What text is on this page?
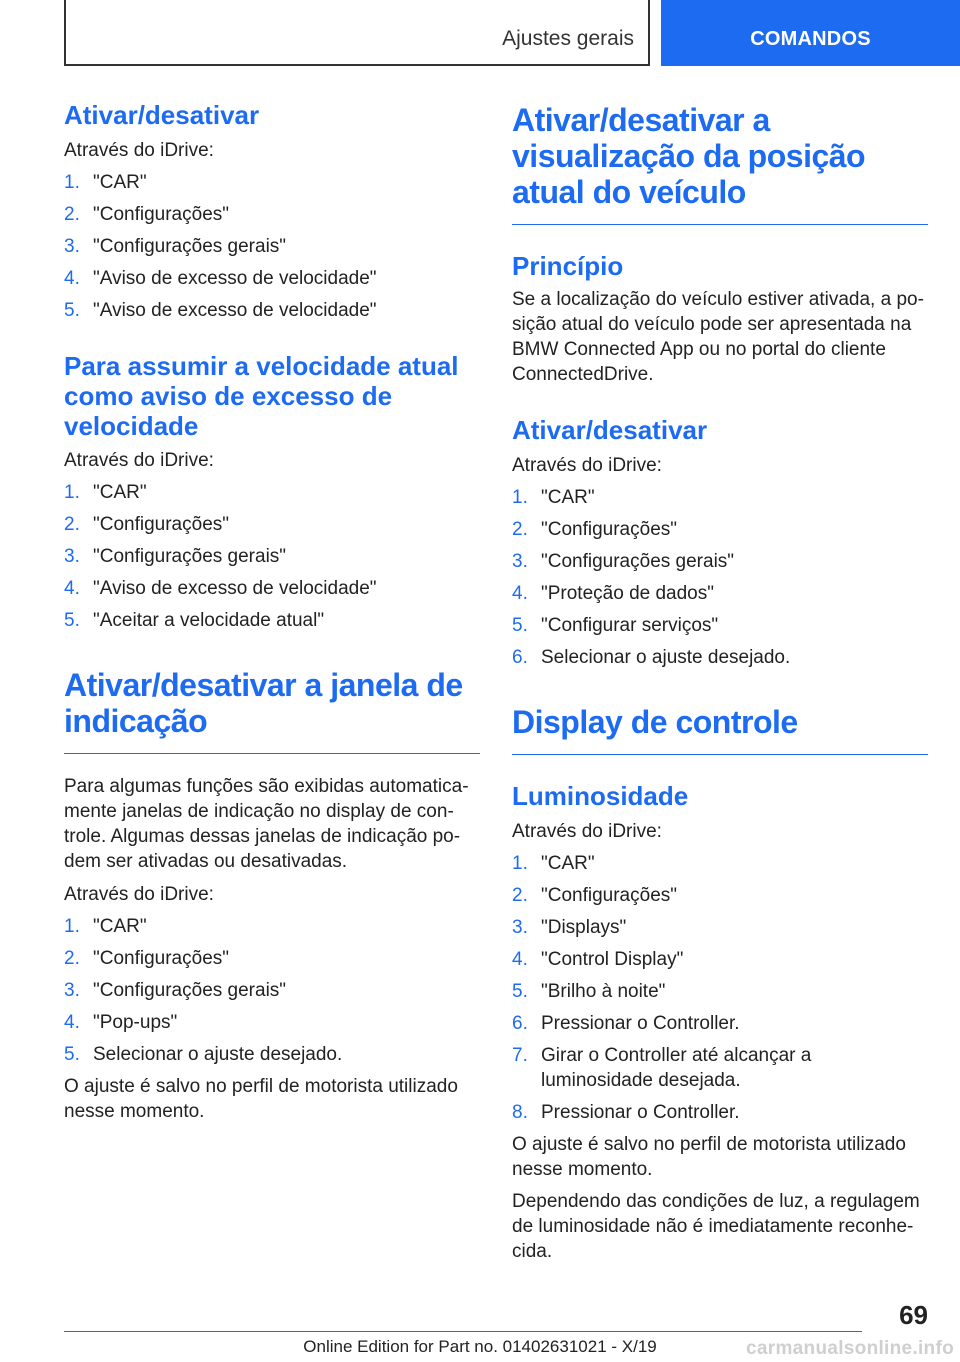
Ajustes gerais	COMANDOS
Ativar/desativar

Através do iDrive:

1. "CAR"
2. "Configurações"
3. "Configurações gerais"
4. "Aviso de excesso de velocidade"
5. "Aviso de excesso de velocidade"
Para assumir a velocidade atual como aviso de excesso de velocidade

Através do iDrive:

1. "CAR"
2. "Configurações"
3. "Configurações gerais"
4. "Aviso de excesso de velocidade"
5. "Aceitar a velocidade atual"
Ativar/desativar a janela de indicação

Para algumas funções são exibidas automaticamente janelas de indicação no display de controle. Algumas dessas janelas de indicação podem ser ativadas ou desativadas.

Através do iDrive:

1. "CAR"
2. "Configurações"
3. "Configurações gerais"
4. "Pop-ups"
5. Selecionar o ajuste desejado.

O ajuste é salvo no perfil de motorista utilizado nesse momento.

Ativar/desativar a visualização da posição atual do veículo
Princípio

Se a localização do veículo estiver ativada, a posição atual do veículo pode ser apresentada na BMW Connected App ou no portal do cliente ConnectedDrive.

Ativar/desativar

Através do iDrive:

1. "CAR"
2. "Configurações"
3. "Configurações gerais"
4. "Proteção de dados"
5. "Configurar serviços"
6. Selecionar o ajuste desejado.
Display de controle
Luminosidade

Através do iDrive:

1. "CAR"
2. "Configurações"
3. "Displays"
4. "Control Display"
5. "Brilho à noite"
6. Pressionar o Controller.
7. Girar o Controller até alcançar a luminosidade desejada.
8. Pressionar o Controller.

O ajuste é salvo no perfil de motorista utilizado nesse momento.

Dependendo das condições de luz, a regulagem de luminosidade não é imediatamente reconhecida.

69
Online Edition for Part no. 01402631021 - X/19	carmanualsonline.info
